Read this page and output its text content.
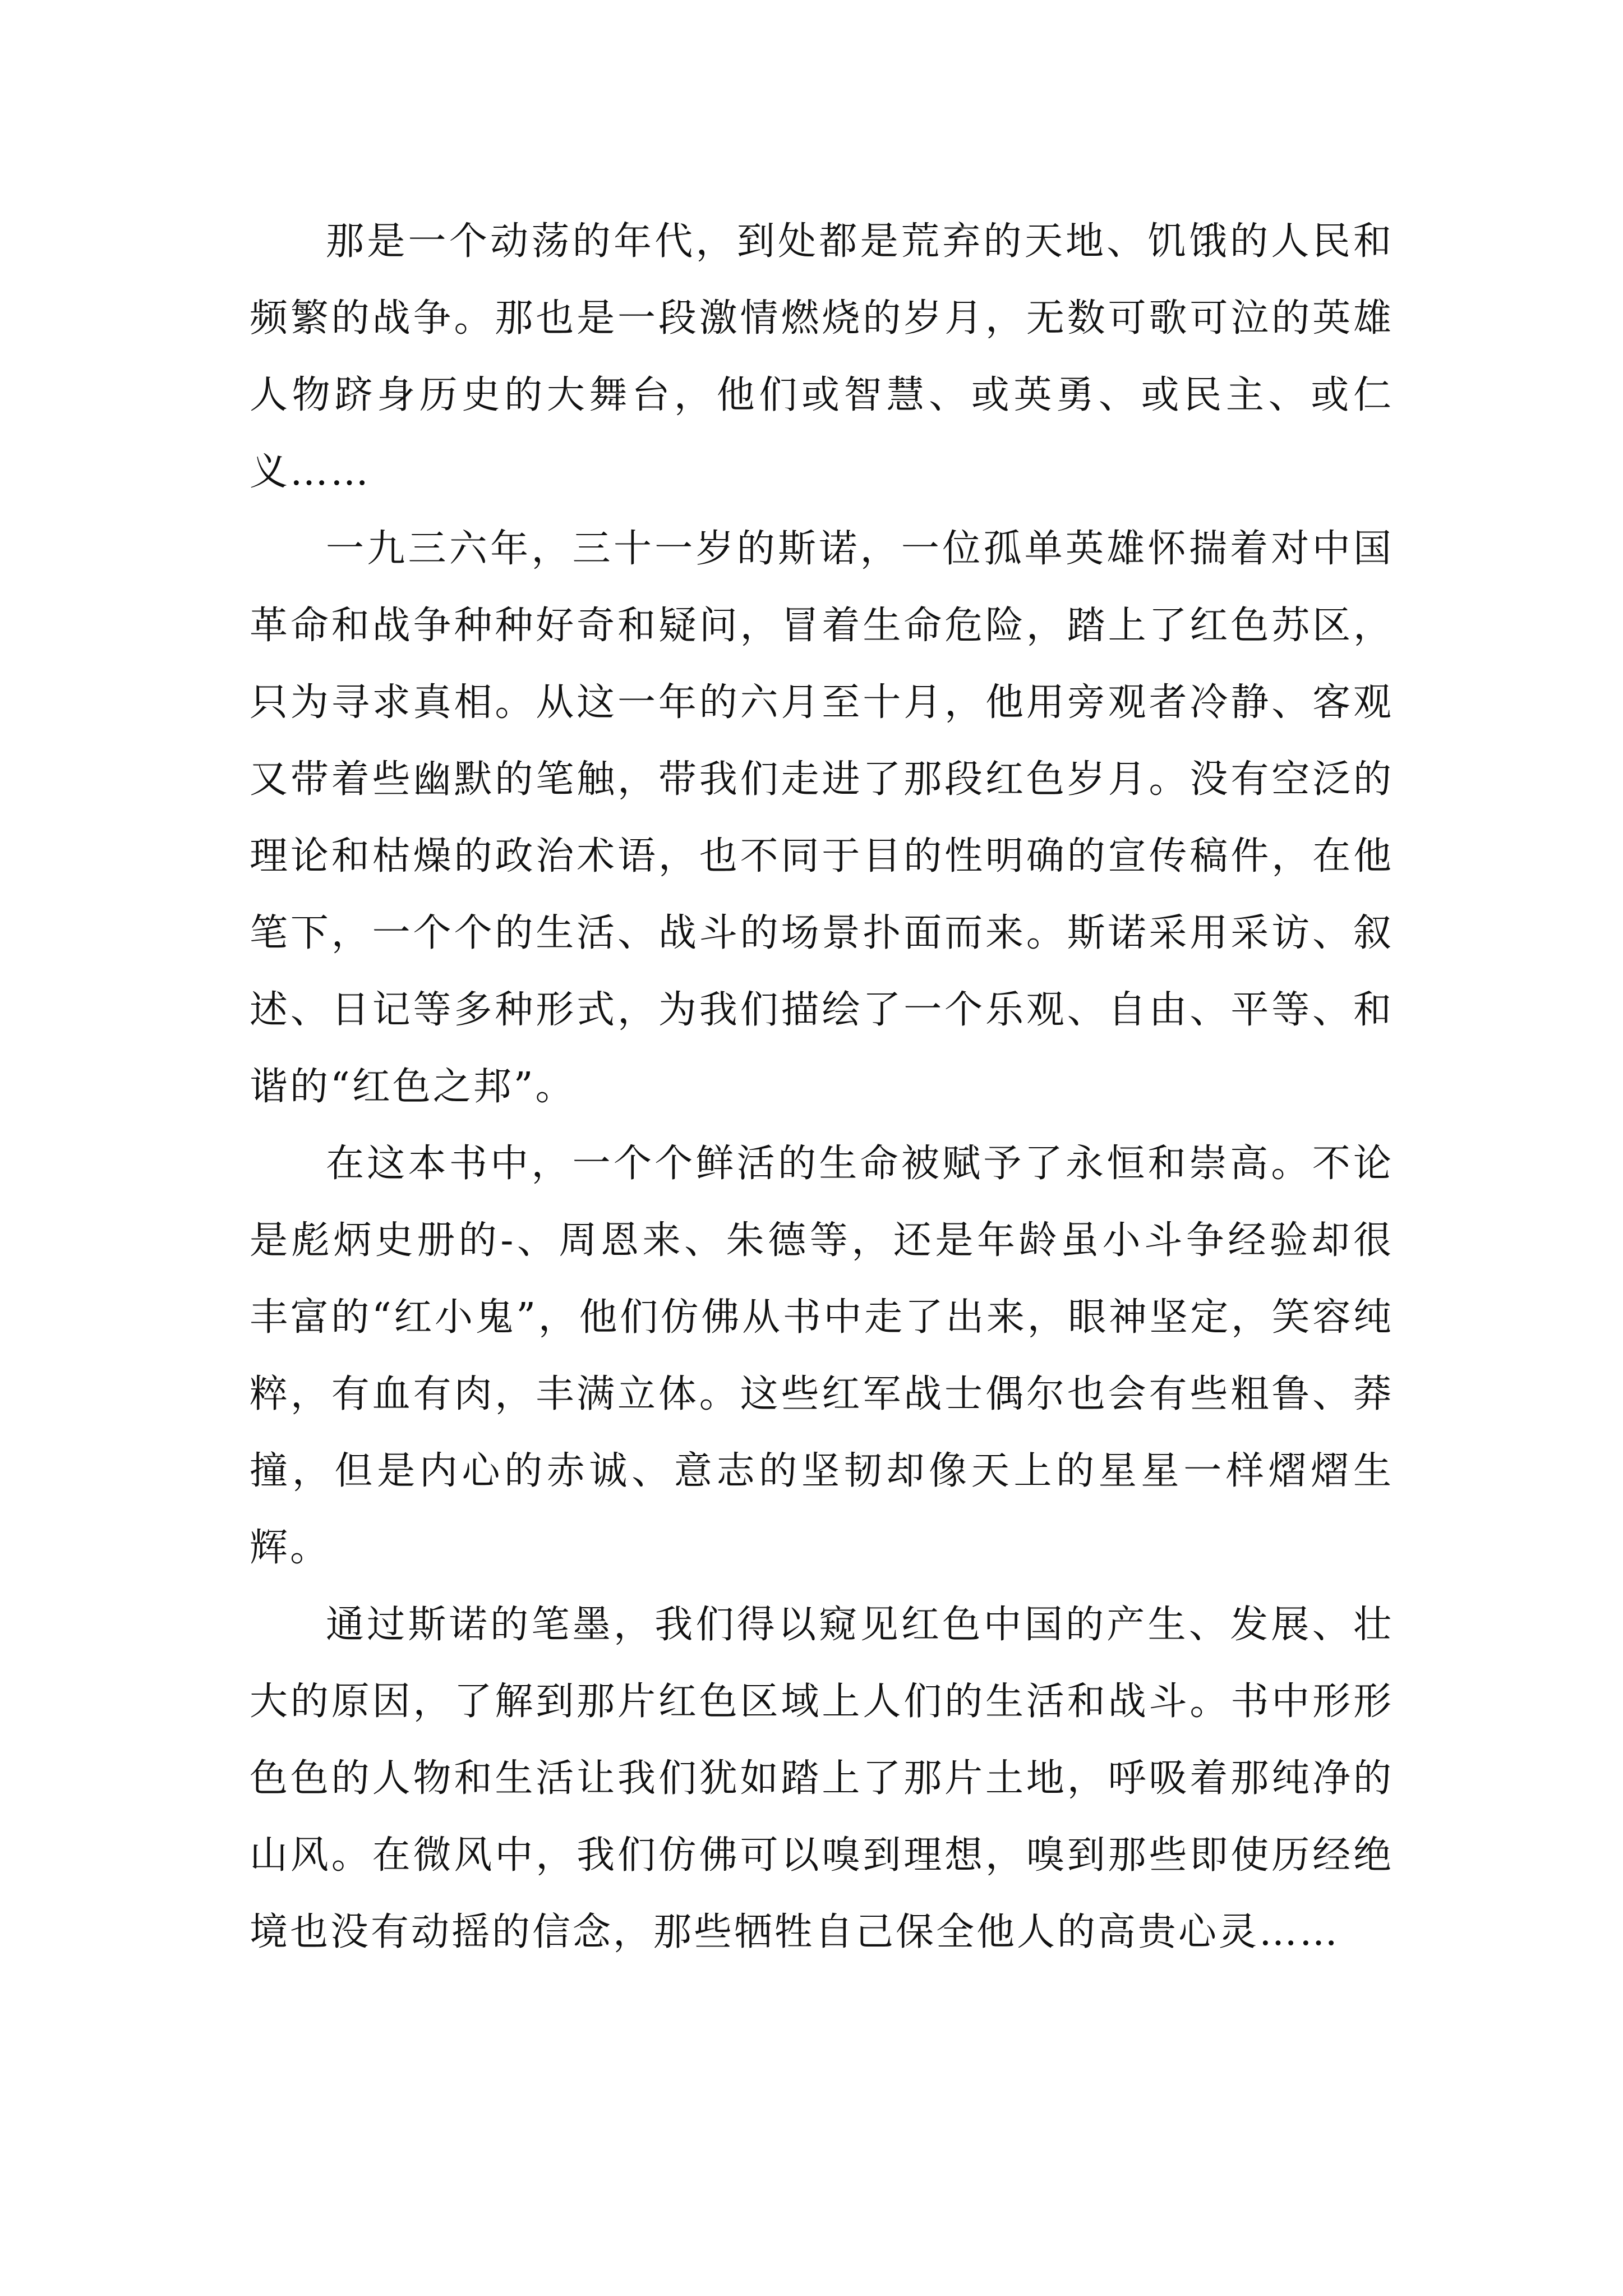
那是一个动荡的年代，到处都是荒弃的天地、饥饿的人民和频繁的战争。那也是一段激情燃烧的岁月，无数可歌可泣的英雄人物跻身历史的大舞台，他们或智慧、或英勇、或民主、或仁义……

一九三六年，三十一岁的斯诺，一位孤单英雄怀揣着对中国革命和战争种种好奇和疑问，冒着生命危险，踏上了红色苏区，只为寻求真相。从这一年的六月至十月，他用旁观者冷静、客观又带着些幽默的笔触，带我们走进了那段红色岁月。没有空泛的理论和枯燥的政治术语，也不同于目的性明确的宣传稿件，在他笔下，一个个的生活、战斗的场景扑面而来。斯诺采用采访、叙述、日记等多种形式，为我们描绘了一个乐观、自由、平等、和谐的“红色之邦”。

在这本书中，一个个鲜活的生命被赋予了永恒和崇高。不论是彪炳史册的-、周恩来、朱德等，还是年龄虽小斗争经验却很丰富的“红小鬼”，他们仿佛从书中走了出来，眼神坚定，笑容纯粹，有血有肉，丰满立体。这些红军战士偶尔也会有些粗鲁、莽撞，但是内心的赤诚、意志的坚韧却像天上的星星一样熠熠生辉。

通过斯诺的笔墨，我们得以窥见红色中国的产生、发展、壮大的原因，了解到那片红色区域上人们的生活和战斗。书中形形色色的人物和生活让我们犹如踏上了那片土地，呼吸着那纯净的山风。在微风中，我们仿佛可以嗅到理想，嗅到那些即使历经绝境也没有动摇的信念，那些牺牲自己保全他人的高贵心灵……
